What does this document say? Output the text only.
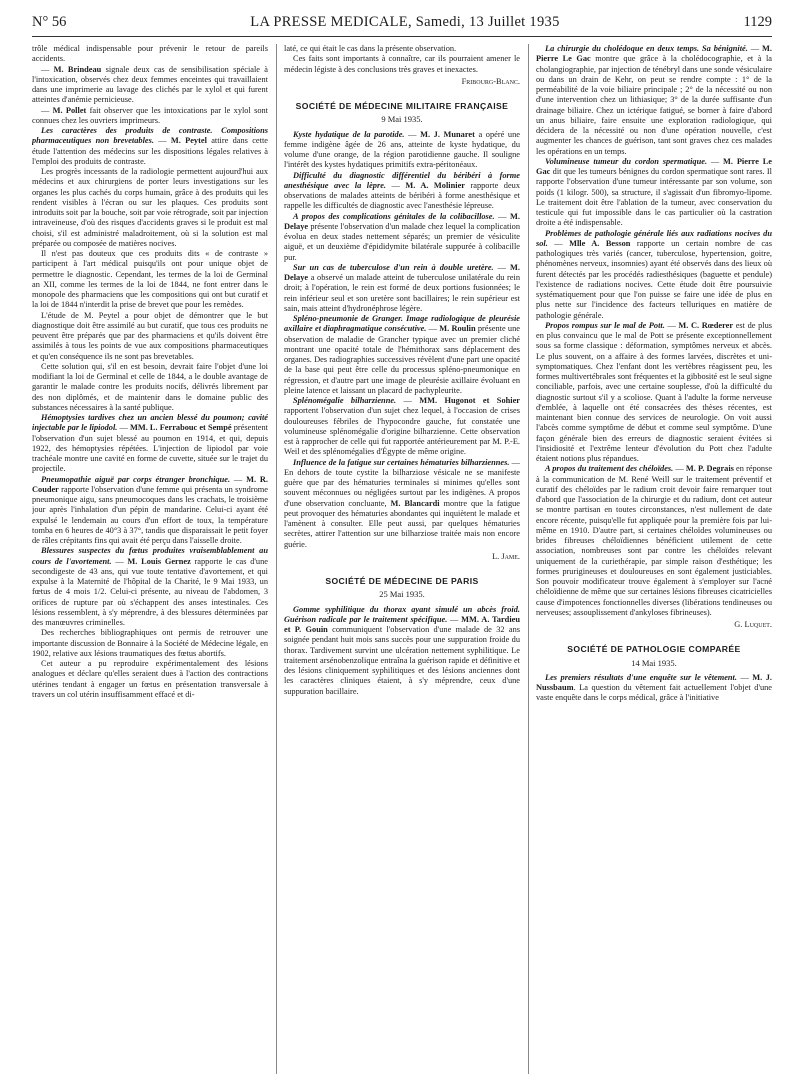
N° 56	LA PRESSE MEDICALE, Samedi, 13 Juillet 1935	1129

trôle médical indispensable pour prévenir le retour de pareils accidents.

— M. Brindeau signale deux cas de sensibilisation spéciale à l'intoxication, observés chez deux femmes enceintes qui travaillaient dans une imprimerie au lavage des clichés par le xylol et qui furent atteintes d'anémie pernicieuse.

— M. Pollet fait observer que les intoxications par le xylol sont connues chez les ouvriers imprimeurs.

Les caractères des produits de contraste. Compositions pharmaceutiques non brevetables. — M. Peytel attire dans cette étude l'attention des médecins sur les dispositions légales relatives à l'emploi des produits de contraste.

Les progrès incessants de la radiologie permettent aujourd'hui aux médecins et aux chirurgiens de porter leurs investigations sur les organes les plus cachés du corps humain, grâce à des produits qui les rendent visibles à l'écran ou sur les plaques. Ces produits sont introduits soit par la bouche, soit par voie rétrograde, soit par injection intraveineuse, d'où des risques d'accidents graves si le produit est mal choisi, s'il est administré maladroitement, où si la solution est mal préparée ou composée de matières nocives.

Il n'est pas douteux que ces produits dits « de contraste » participent à l'art médical puisqu'ils ont pour unique objet de permettre le diagnostic. Cependant, les termes de la loi de Germinal an XII, comme les termes de la loi de 1844, ne font entrer dans le monopole des pharmaciens que les compositions qui ont but curatif et la loi de 1844 n'interdit la prise de brevet que pour les remèdes.

L'étude de M. Peytel a pour objet de démontrer que le but diagnostique doit être assimilé au but curatif, que tous ces produits ne peuvent être préparés que par des pharmaciens et qu'ils doivent être assimilés à tous les points de vue aux compositions pharmaceutiques et qu'en conséquence ils ne sont pas brevetables.

Cette solution qui, s'il en est besoin, devrait faire l'objet d'une loi modifiant la loi de Germinal et celle de 1844, a le double avantage de garantir le malade contre les produits nocifs, délivrés librement par des non diplômés, et de maintenir dans le domaine public des substances nécessaires à la santé publique.

Hémoptysies tardives chez un ancien blessé du poumon; cavité injectable par le lipiodol. — MM. L. Ferrabouc et Sempé présentent l'observation d'un sujet blessé au poumon en 1914, et qui, depuis 1922, des hémoptysies répétées. L'injection de lipiodol par voie trachéale montre une cavité en forme de cuvette, située sur le trajet du projectile.

Pneumopathie aiguë par corps étranger bronchique. — M. R. Couder rapporte l'observation d'une femme qui présenta un syndrome pneumonique aigu, sans pneumocoques dans les crachats, le troisième jour après l'inhalation d'un pépin de mandarine. Celui-ci ayant été expulsé le lendemain au cours d'un effort de toux, la température tomba en 6 heures de 40°3 à 37°, tandis que disparaissait le petit foyer de râles crépitants fins qui avait été perçu dans l'aisselle droite.

Blessures suspectes du fœtus produites vraisemblablement au cours de l'avortement. — M. Louis Gernez rapporte le cas d'une secondigeste de 43 ans, qui vue toute tentative d'avortement, et qui expulse à la Maternité de l'hôpital de la Charité, le 9 Mai 1933, un fœtus de 4 mois 1/2. Celui-ci présente, au niveau de l'abdomen, 3 orifices de rupture par où s'échappent des anses intestinales. Ces lésions ressemblent, à s'y méprendre, à des blessures déterminées par des manœuvres criminelles.

Des recherches bibliographiques ont permis de retrouver une importante discussion de Bonnaire à la Société de Médecine légale, en 1902, relative aux lésions traumatiques des fœtus abortifs.

Cet auteur a pu reproduire expérimentalement des lésions analogues et déclare qu'elles seraient dues à l'action des contractions utérines tendant à engager un fœtus en présentation transversale à travers un col utérin insuffisamment effacé et di-

laté, ce qui était le cas dans la présente observation.

Ces faits sont importants à connaître, car ils pourraient amener le médecin légiste à des conclusions très graves et inexactes.

Fribourg-Blanc.
SOCIÉTÉ DE MÉDECINE MILITAIRE FRANÇAISE
9 Mai 1935.

Kyste hydatique de la parotide. — M. J. Munaret a opéré une femme indigène âgée de 26 ans, atteinte de kyste hydatique, du volume d'une orange, de la région parotidienne gauche. Il souligne l'intérêt des kystes hydatiques primitifs extra-péritonéaux.

Difficulté du diagnostic différentiel du béribéri à forme anesthésique avec la lèpre. — M. A. Molinier rapporte deux observations de malades atteints de béribéri à forme anesthésique et rappelle les difficultés de diagnostic avec l'anesthésie lépreuse.

A propos des complications génitales de la colibacillose. — M. Delaye présente l'observation d'un malade chez lequel la complication évolua en deux stades nettement séparés; un premier de vésiculite aiguë, et un deuxième d'épididymite bilatérale suppurée à colibacille pur.

Sur un cas de tuberculose d'un rein à double uretère. — M. Delaye a observé un malade atteint de tuberculose unilatérale du rein droit; à l'opération, le rein est formé de deux portions fusionnées; le rein inférieur seul et son uretère sont bacillaires; le rein supérieur est sain, mais atteint d'hydronéphrose légère.

Spléno-pneumonie de Granger. Image radiologique de pleurésie axillaire et diaphragmatique consécutive. — M. Roulin présente une observation de maladie de Grancher typique avec un premier cliché montrant une opacité totale de l'hémithorax sans déplacement des organes. Des radiographies successives révèlent d'une part une opacité de la base qui peut être celle du processus spléno-pneumonique en régression, et d'autre part une image de pleurésie axillaire évoluant en pleine latence et laissant un placard de pachypleurite.

Splénomégalie bilharzienne. — MM. Hugonot et Sohier rapportent l'observation d'un sujet chez lequel, à l'occasion de crises douloureuses fébriles de l'hypocondre gauche, fut constatée une volumineuse splénomégalie d'origine bilharzienne. Cette observation est à rapprocher de celle qui fut rapportée antérieurement par M. P.-E. Weil et des splénomégalies d'Égypte de même origine.

Influence de la fatigue sur certaines hématuries bilharziennes. — En dehors de toute cystite la bilharziose vésicale ne se manifeste guère que par des hématuries terminales si minimes qu'elles sont souvent méconnues ou négligées surtout par les indigènes. A propos d'une observation concluante, M. Blancardi montre que la fatigue peut provoquer des hématuries abondantes qui inquiètent le malade et l'amènent à consulter. Elle peut aussi, par quelques hématuries secrètes, attirer l'attention sur une bilharziose traitée mais non encore guérie.

L. Jame.
SOCIÉTÉ DE MÉDECINE DE PARIS
25 Mai 1935.

Gomme syphilitique du thorax ayant simulé un abcès froid. Guérison radicale par le traitement spécifique. — MM. A. Tardieu et P. Gouin communiquent l'observation d'une malade de 32 ans soignée pendant huit mois sans succès pour une suppuration froide du thorax. Tardivement survint une ulcération nettement syphilitique. Le traitement arsénobenzolique entraîna la guérison rapide et définitive et des lésions cliniquement syphilitiques et des lésions anciennes dont les caractères cliniques étaient, à s'y méprendre, ceux d'une suppuration bacillaire.

La chirurgie du cholédoque en deux temps. Sa bénignité. — M. Pierre Le Gac montre que grâce à la cholédocographie, et à la cholangiographie, par injection de ténébryl dans une sonde vésiculaire ou dans un drain de Kehr, on peut se rendre compte : 1° de la perméabilité de la voie biliaire principale ; 2° de la nécessité ou non d'une intervention chez un lithiasique; 3° de la durée suffisante d'un drainage biliaire. Chez un ictérique fatigué, se borner à faire d'abord un anus biliaire, faire ensuite une exploration radiologique, qui décidera de la nécessité ou non d'une opération nouvelle, c'est augmenter les chances de guérison, tant sont graves chez ces malades les opérations en un temps.

Volumineuse tumeur du cordon spermatique. — M. Pierre Le Gac dit que les tumeurs bénignes du cordon spermatique sont rares. Il rapporte l'observation d'une tumeur intéressante par son volume, son poids (1 kilogr. 500), sa structure, il s'agissait d'un fibromyo-lipome. Le traitement doit être l'ablation de la tumeur, avec conservation du testicule qui fut impossible dans le cas particulier où la castration droite a été indispensable.

Problèmes de pathologie générale liés aux radiations nocives du sol. — Mlle A. Besson rapporte un certain nombre de cas pathologiques très variés (cancer, tuberculose, hypertension, goitre, phénomènes nerveux, insomnies) ayant été observés dans des lieux où furent détectés par les procédés radiesthésiques (baguette et pendule) l'existence de radiations nocives. Cette étude doit être poursuivie systématiquement pour que l'on puisse se faire une idée de plus en plus nette sur l'incidence des facteurs telluriques en matière de pathologie générale.

Propos rompus sur le mal de Pott. — M. C. Rœderer est de plus en plus convaincu que le mal de Pott se présente exceptionnellement sous sa forme classique : déformation, symptômes nerveux et abcès. Le plus souvent, on a affaire à des formes larvées, discrètes et uni-symptomatiques. Chez l'enfant dont les vertèbres réagissent peu, les formes multivertébrales sont fréquentes et la gibbosité est le seul signe conciliable, parfois, avec une certaine souplesse, d'où la difficulté du diagnostic surtout s'il y a scoliose. Quant à l'adulte la forme nerveuse d'emblée, à laquelle ont été consacrées des thèses récentes, est maintenant bien connue des services de neurologie. On voit aussi l'abcès comme symptôme de début et comme seul symptôme. D'une façon générale bien des erreurs de diagnostic seraient évitées si l'insidiosité et l'extrême lenteur d'évolution du Pott chez l'adulte étaient notions plus répandues.

A propos du traitement des chéloïdes. — M. P. Degrais en réponse à la communication de M. René Weill sur le traitement préventif et curatif des chéloïdes par le radium croit devoir faire remarquer tout d'abord que l'association de la chirurgie et du radium, dont cet auteur se montre partisan en toutes circonstances, n'est nullement de date encore récente, puisqu'elle fut appliquée pour la première fois par lui-même en 1910. D'autre part, si certaines chéloïdes volumineuses ou brides fibreuses chéloïdiennes bénéficient utilement de cette association, nombreuses sont par contre les chéloïdes relevant uniquement de la curiethérapie, par simple raison d'esthétique; les formes prurigineuses et douloureuses en sont également justiciables. Son pouvoir modificateur trouve également à s'employer sur l'acné chéloïdienne de même que sur certaines lésions fibreuses cicatricielles cause d'impotences fonctionnelles diverses (libérations tendineuses ou nerveuses; assouplissement d'ankyloses fibrineuses).

G. Luquet.
SOCIÉTÉ DE PATHOLOGIE COMPARÉE
14 Mai 1935.

Les premiers résultats d'une enquête sur le vêtement. — M. J. Nussbaum. La question du vêtement fait actuellement l'objet d'une vaste enquête dans le corps médical, grâce à l'initiative
